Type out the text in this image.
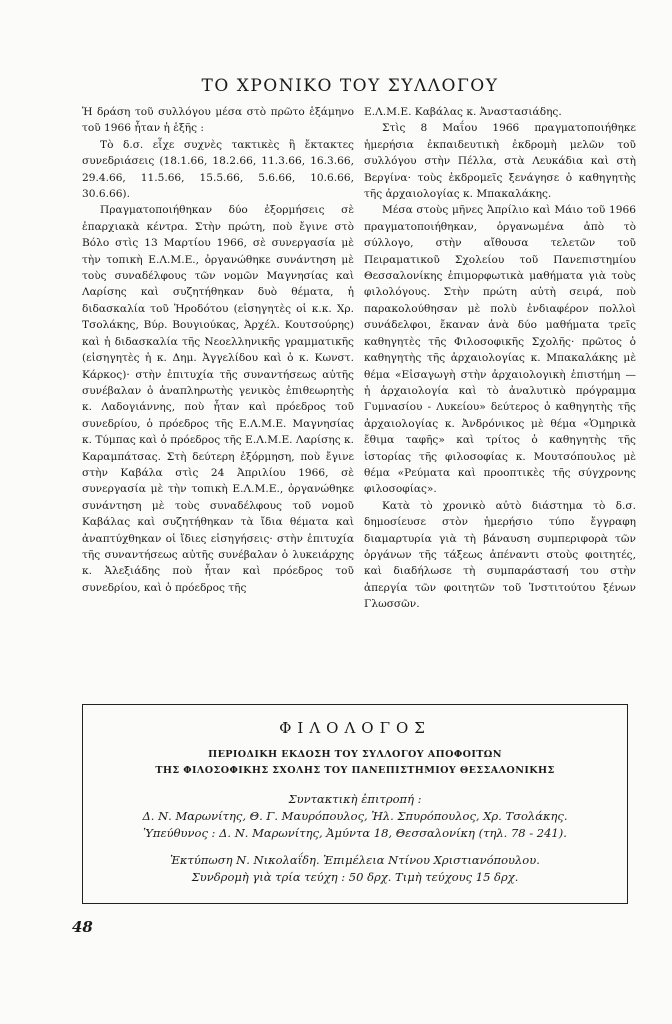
ΤΟ ΧΡΟΝΙΚΟ ΤΟΥ ΣΥΛΛΟΓΟΥ

Ἡ δράση τοῦ συλλόγου μέσα στὸ πρῶτο ἑξάμηνο τοῦ 1966 ἦταν ἡ ἑξῆς :

Τὸ δ.σ. εἶχε συχνὲς τακτικὲς ἢ ἔκτακτες συνεδριάσεις (18.1.66, 18.2.66, 11.3.66, 16.3.66, 29.4.66, 11.5.66, 15.5.66, 5.6.66, 10.6.66, 30.6.66).

Πραγματοποιήθηκαν δύο ἐξορμήσεις σὲ ἐπαρχιακὰ κέντρα. Στὴν πρώτη, ποὺ ἔγινε στὸ Βόλο στὶς 13 Μαρτίου 1966, σὲ συνεργασία μὲ τὴν τοπικὴ Ε.Λ.Μ.Ε., ὀργανώθηκε συνάντηση μὲ τοὺς συναδέλφους τῶν νομῶν Μαγνησίας καὶ Λαρίσης καὶ συζητήθηκαν δυὸ θέματα, ἡ διδασκαλία τοῦ Ἡροδότου (εἰσηγητὲς οἱ κ.κ. Χρ. Τσολάκης, Βύρ. Βουγιούκας, Ἀρχέλ. Κουτσούρης) καὶ ἡ διδασκαλία τῆς Νεοελληνικῆς γραμματικῆς (εἰσηγητὲς ἡ κ. Δημ. Ἀγγελίδου καὶ ὁ κ. Κωνστ. Κάρκος)· στὴν ἐπιτυχία τῆς συναντήσεως αὐτῆς συνέβαλαν ὁ ἀναπληρωτὴς γενικὸς ἐπιθεωρητὴς κ. Λαδογιάννης, ποὺ ἦταν καὶ πρόεδρος τοῦ συνεδρίου, ὁ πρόεδρος τῆς Ε.Λ.Μ.Ε. Μαγνησίας κ. Τύμπας καὶ ὁ πρόεδρος τῆς Ε.Λ.Μ.Ε. Λαρίσης κ. Καραμπάτσας. Στὴ δεύτερη ἐξόρμηση, ποὺ ἔγινε στὴν Καβάλα στὶς 24 Ἀπριλίου 1966, σὲ συνεργασία μὲ τὴν τοπικὴ Ε.Λ.Μ.Ε., ὀργανώθηκε συνάντηση μὲ τοὺς συναδέλφους τοῦ νομοῦ Καβάλας καὶ συζητήθηκαν τὰ ἴδια θέματα καὶ ἀναπτύχθηκαν οἱ ἴδιες εἰσηγήσεις· στὴν ἐπιτυχία τῆς συναντήσεως αὐτῆς συνέβαλαν ὁ λυκειάρχης κ. Ἀλεξιάδης ποὺ ἦταν καὶ πρόεδρος τοῦ συνεδρίου, καὶ ὁ πρόεδρος τῆς

Ε.Λ.Μ.Ε. Καβάλας κ. Ἀναστασιάδης.

Στὶς 8 Μαΐου 1966 πραγματοποιήθηκε ἡμερήσια ἐκπαιδευτικὴ ἐκδρομὴ μελῶν τοῦ συλλόγου στὴν Πέλλα, στὰ Λευκάδια καὶ στὴ Βεργίνα· τοὺς ἐκδρομεῖς ξενάγησε ὁ καθηγητὴς τῆς ἀρχαιολογίας κ. Μπακαλάκης.

Μέσα στοὺς μῆνες Ἀπρίλιο καὶ Μάιο τοῦ 1966 πραγματοποιήθηκαν, ὀργανωμένα ἀπὸ τὸ σύλλογο, στὴν αἴθουσα τελετῶν τοῦ Πειραματικοῦ Σχολείου τοῦ Πανεπιστημίου Θεσσαλονίκης ἐπιμορφωτικὰ μαθήματα γιὰ τοὺς φιλολόγους. Στὴν πρώτη αὐτὴ σειρά, ποὺ παρακολούθησαν μὲ πολὺ ἐνδιαφέρον πολλοὶ συνάδελφοι, ἔκαναν ἀνὰ δύο μαθήματα τρεῖς καθηγητὲς τῆς Φιλοσοφικῆς Σχολῆς· πρῶτος ὁ καθηγητὴς τῆς ἀρχαιολογίας κ. Μπακαλάκης μὲ θέμα «Εἰσαγωγὴ στὴν ἀρχαιολογικὴ ἐπιστήμη — ἡ ἀρχαιολογία καὶ τὸ ἀναλυτικὸ πρόγραμμα Γυμνασίου - Λυκείου» δεύτερος ὁ καθηγητὴς τῆς ἀρχαιολογίας κ. Ἀνδρόνικος μὲ θέμα «Ὁμηρικὰ ἔθιμα ταφῆς» καὶ τρίτος ὁ καθηγητὴς τῆς ἱστορίας τῆς φιλοσοφίας κ. Μουτσόπουλος μὲ θέμα «Ρεύματα καὶ προοπτικὲς τῆς σύγχρονης φιλοσοφίας».

Κατὰ τὸ χρονικὸ αὐτὸ διάστημα τὸ δ.σ. δημοσίευσε στὸν ἡμερήσιο τύπο ἔγγραφη διαμαρτυρία γιὰ τὴ βάναυση συμπεριφορὰ τῶν ὀργάνων τῆς τάξεως ἀπέναντι στοὺς φοιτητές, καὶ διαδήλωσε τὴ συμπαράστασή του στὴν ἀπεργία τῶν φοιτητῶν τοῦ Ἰνστιτούτου ξένων Γλωσσῶν.

ΦΙΛΟΛΟΓΟΣ
ΠΕΡΙΟΔΙΚΗ ΕΚΔΟΣΗ ΤΟΥ ΣΥΛΛΟΓΟΥ ΑΠΟΦΟΙΤΩΝ
ΤΗΣ ΦΙΛΟΣΟΦΙΚΗΣ ΣΧΟΛΗΣ ΤΟΥ ΠΑΝΕΠΙΣΤΗΜΙΟΥ ΘΕΣΣΑΛΟΝΙΚΗΣ
Συντακτικὴ ἐπιτροπή :
Δ. Ν. Μαρωνίτης, Θ. Γ. Μαυρόπουλος, Ἠλ. Σπυρόπουλος, Χρ. Τσολάκης.
Ὑπεύθυνος : Δ. Ν. Μαρωνίτης, Ἀμύντα 18, Θεσσαλονίκη (τηλ. 78 - 241).
Ἐκτύπωση Ν. Νικολαΐδη. Ἐπιμέλεια Ντίνου Χριστιανόπουλου.
Συνδρομὴ γιὰ τρία τεύχη : 50 δρχ. Τιμὴ τεύχους 15 δρχ.
48
